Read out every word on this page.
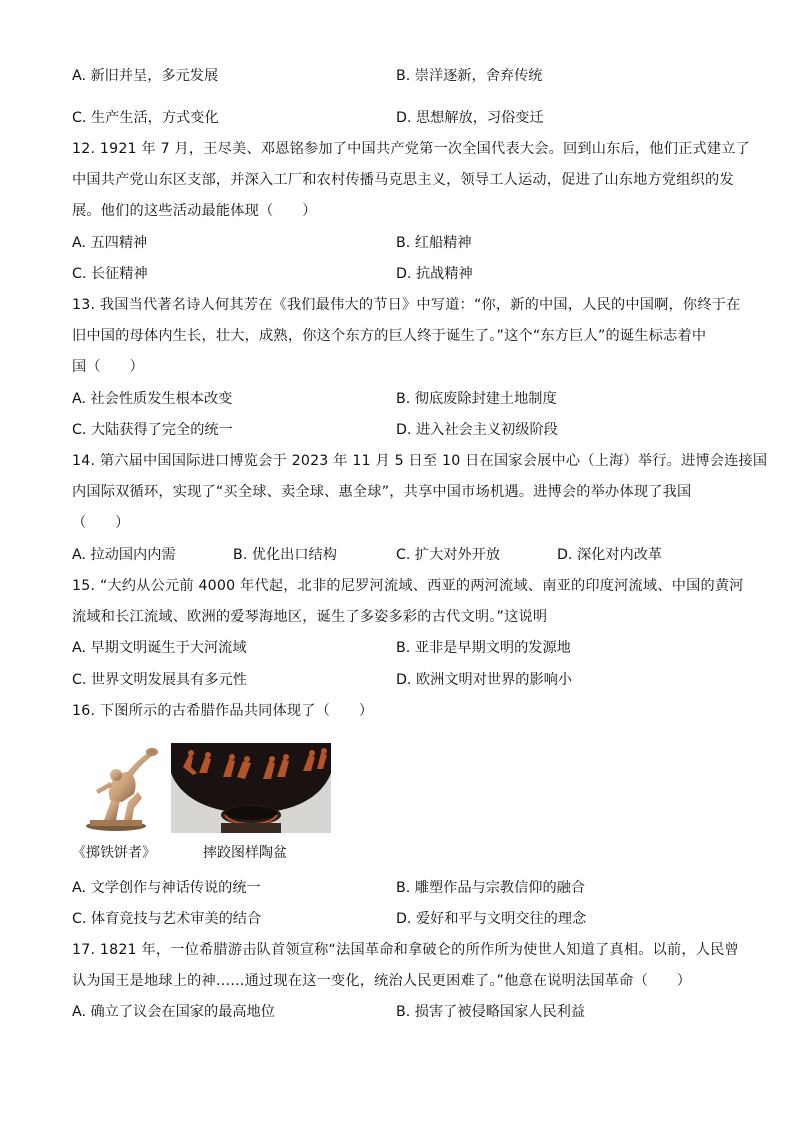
A. 新旧并呈，多元发展	B. 崇洋逐新，舍弃传统
C. 生产生活，方式变化	D. 思想解放，习俗变迁
12. 1921 年 7 月，王尽美、邓恩铭参加了中国共产党第一次全国代表大会。回到山东后，他们正式建立了
中国共产党山东区支部，并深入工厂和农村传播马克思主义，领导工人运动，促进了山东地方党组织的发
展。他们的这些活动最能体现（　　）
A. 五四精神	B. 红船精神
C. 长征精神	D. 抗战精神
13. 我国当代著名诗人何其芳在《我们最伟大的节日》中写道：“你，新的中国，人民的中国啊，你终于在
旧中国的母体内生长，壮大，成熟，你这个东方的巨人终于诞生了。”这个“东方巨人”的诞生标志着中
国（　　）
A. 社会性质发生根本改变	B. 彻底废除封建土地制度
C. 大陆获得了完全的统一	D. 进入社会主义初级阶段
14. 第六届中国国际进口博览会于 2023 年 11 月 5 日至 10 日在国家会展中心（上海）举行。进博会连接国
内国际双循环，实现了“买全球、卖全球、惠全球”，共享中国市场机遇。进博会的举办体现了我国
（　　）
A. 拉动国内内需	B. 优化出口结构	C. 扩大对外开放	D. 深化对内改革
15. “大约从公元前 4000 年代起，北非的尼罗河流域、西亚的两河流域、南亚的印度河流域、中国的黄河
流域和长江流域、欧洲的爱琴海地区，诞生了多姿多彩的古代文明。”这说明
A. 早期文明诞生于大河流域	B. 亚非是早期文明的发源地
C. 世界文明发展具有多元性	D. 欧洲文明对世界的影响小
16. 下图所示的古希腊作品共同体现了（　　）
《掷铁饼者》	摔跤图样陶盆
A. 文学创作与神话传说的统一	B. 雕塑作品与宗教信仰的融合
C. 体育竞技与艺术审美的结合	D. 爱好和平与文明交往的理念
17. 1821 年，一位希腊游击队首领宣称“法国革命和拿破仑的所作所为使世人知道了真相。以前，人民曾
认为国王是地球上的神……通过现在这一变化，统治人民更困难了。”他意在说明法国革命（　　）
A. 确立了议会在国家的最高地位	B. 损害了被侵略国家人民利益
